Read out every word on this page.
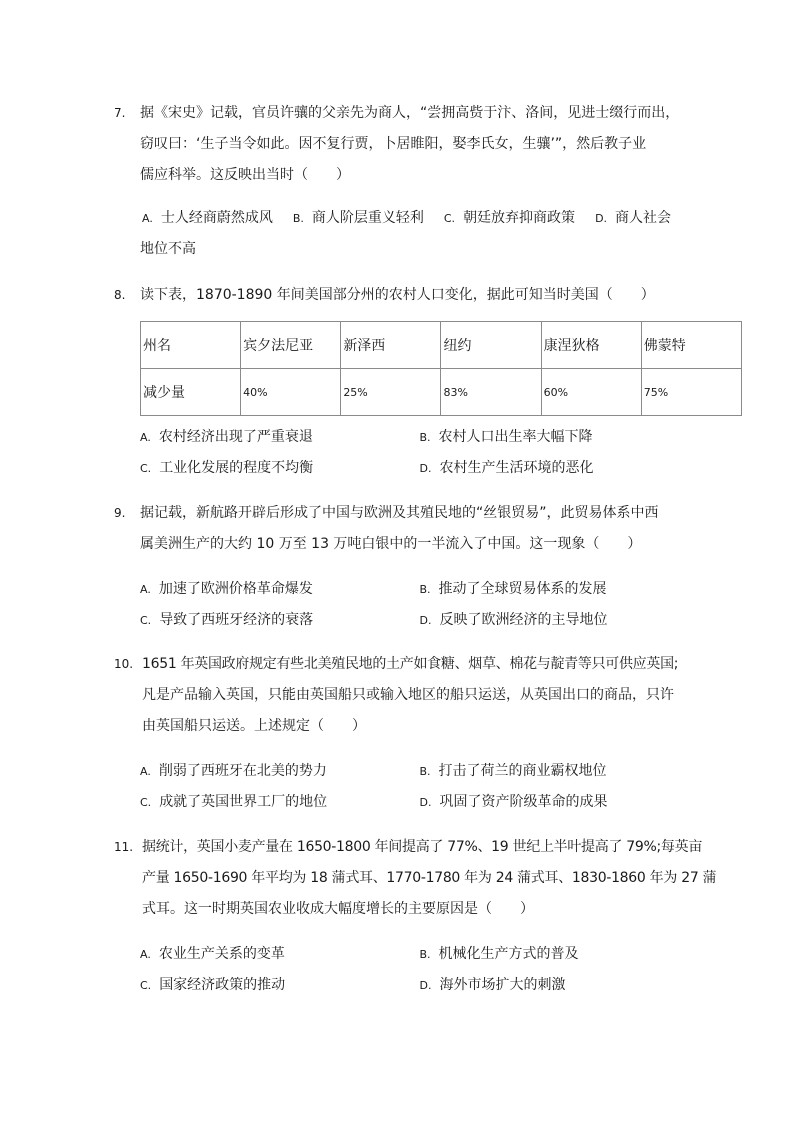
7. 据《宋史》记载，官员许骧的父亲先为商人，“尝拥高赀于汴、洛间，见进士缀行而出，
窃叹曰：‘生子当令如此。因不复行贾，卜居睢阳，娶李氏女，生骧’”，然后教子业
儒应科举。这反映出当时（　　）
A. 士人经商蔚然成风 B. 商人阶层重义轻利 C. 朝廷放弃抑商政策 D. 商人社会
地位不高
8. 读下表，1870-1890 年间美国部分州的农村人口变化，据此可知当时美国（　　）
州名	宾夕法尼亚	新泽西	纽约	康涅狄格	佛蒙特
减少量	40%	25%	83%	60%	75%
A. 农村经济出现了严重衰退	B. 农村人口出生率大幅下降
C. 工业化发展的程度不均衡	D. 农村生产生活环境的恶化
9. 据记载，新航路开辟后形成了中国与欧洲及其殖民地的“丝银贸易”，此贸易体系中西
属美洲生产的大约 10 万至 13 万吨白银中的一半流入了中国。这一现象（　　）
A. 加速了欧洲价格革命爆发	B. 推动了全球贸易体系的发展
C. 导致了西班牙经济的衰落	D. 反映了欧洲经济的主导地位
10. 1651 年英国政府规定有些北美殖民地的土产如食糖、烟草、棉花与靛青等只可供应英国;
凡是产品输入英国，只能由英国船只或输入地区的船只运送，从英国出口的商品，只许
由英国船只运送。上述规定（　　）
A. 削弱了西班牙在北美的势力	B. 打击了荷兰的商业霸权地位
C. 成就了英国世界工厂的地位	D. 巩固了资产阶级革命的成果
11. 据统计，英国小麦产量在 1650-1800 年间提高了 77%、19 世纪上半叶提高了 79%;每英亩
产量 1650-1690 年平均为 18 蒲式耳、1770-1780 年为 24 蒲式耳、1830-1860 年为 27 蒲
式耳。这一时期英国农业收成大幅度增长的主要原因是（　　）
A. 农业生产关系的变革	B. 机械化生产方式的普及
C. 国家经济政策的推动	D. 海外市场扩大的刺激
